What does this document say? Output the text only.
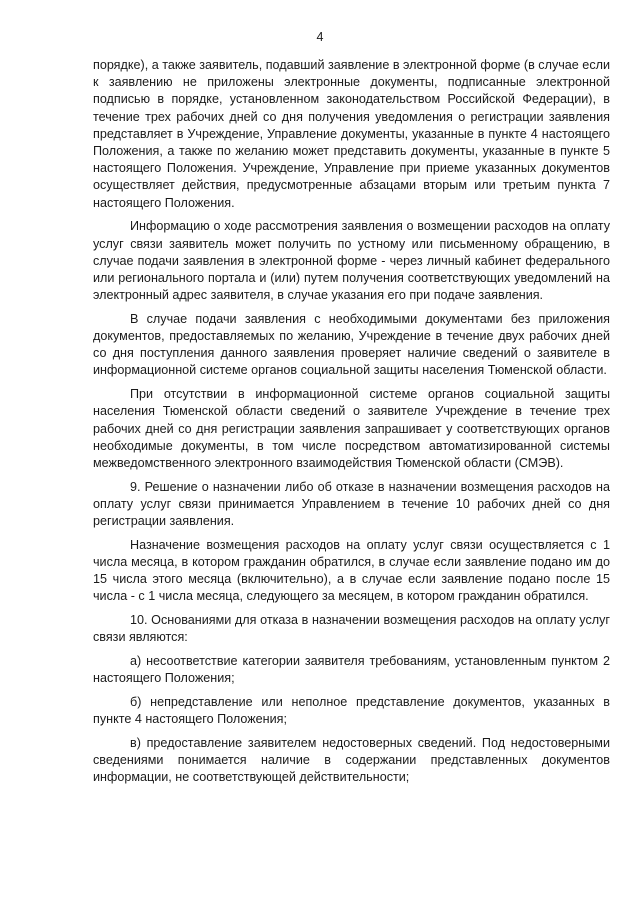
4

порядке), а также заявитель, подавший заявление в электронной форме (в случае если к заявлению не приложены электронные документы, подписанные электронной подписью в порядке, установленном законодательством Российской Федерации), в течение трех рабочих дней со дня получения уведомления о регистрации заявления представляет в Учреждение, Управление документы, указанные в пункте 4 настоящего Положения, а также по желанию может представить документы, указанные в пункте 5 настоящего Положения. Учреждение, Управление при приеме указанных документов осуществляет действия, предусмотренные абзацами вторым или третьим пункта 7 настоящего Положения.

Информацию о ходе рассмотрения заявления о возмещении расходов на оплату услуг связи заявитель может получить по устному или письменному обращению, в случае подачи заявления в электронной форме - через личный кабинет федерального или регионального портала и (или) путем получения соответствующих уведомлений на электронный адрес заявителя, в случае указания его при подаче заявления.

В случае подачи заявления с необходимыми документами без приложения документов, предоставляемых по желанию, Учреждение в течение двух рабочих дней со дня поступления данного заявления проверяет наличие сведений о заявителе в информационной системе органов социальной защиты населения Тюменской области.

При отсутствии в информационной системе органов социальной защиты населения Тюменской области сведений о заявителе Учреждение в течение трех рабочих дней со дня регистрации заявления запрашивает у соответствующих органов необходимые документы, в том числе посредством автоматизированной системы межведомственного электронного взаимодействия Тюменской области (СМЭВ).

9. Решение о назначении либо об отказе в назначении возмещения расходов на оплату услуг связи принимается Управлением в течение 10 рабочих дней со дня регистрации заявления.

Назначение возмещения расходов на оплату услуг связи осуществляется с 1 числа месяца, в котором гражданин обратился, в случае если заявление подано им до 15 числа этого месяца (включительно), а в случае если заявление подано после 15 числа - с 1 числа месяца, следующего за месяцем, в котором гражданин обратился.

10. Основаниями для отказа в назначении возмещения расходов на оплату услуг связи являются:

а) несоответствие категории заявителя требованиям, установленным пунктом 2 настоящего Положения;

б) непредставление или неполное представление документов, указанных в пункте 4 настоящего Положения;

в) предоставление заявителем недостоверных сведений. Под недостоверными сведениями понимается наличие в содержании представленных документов информации, не соответствующей действительности;
